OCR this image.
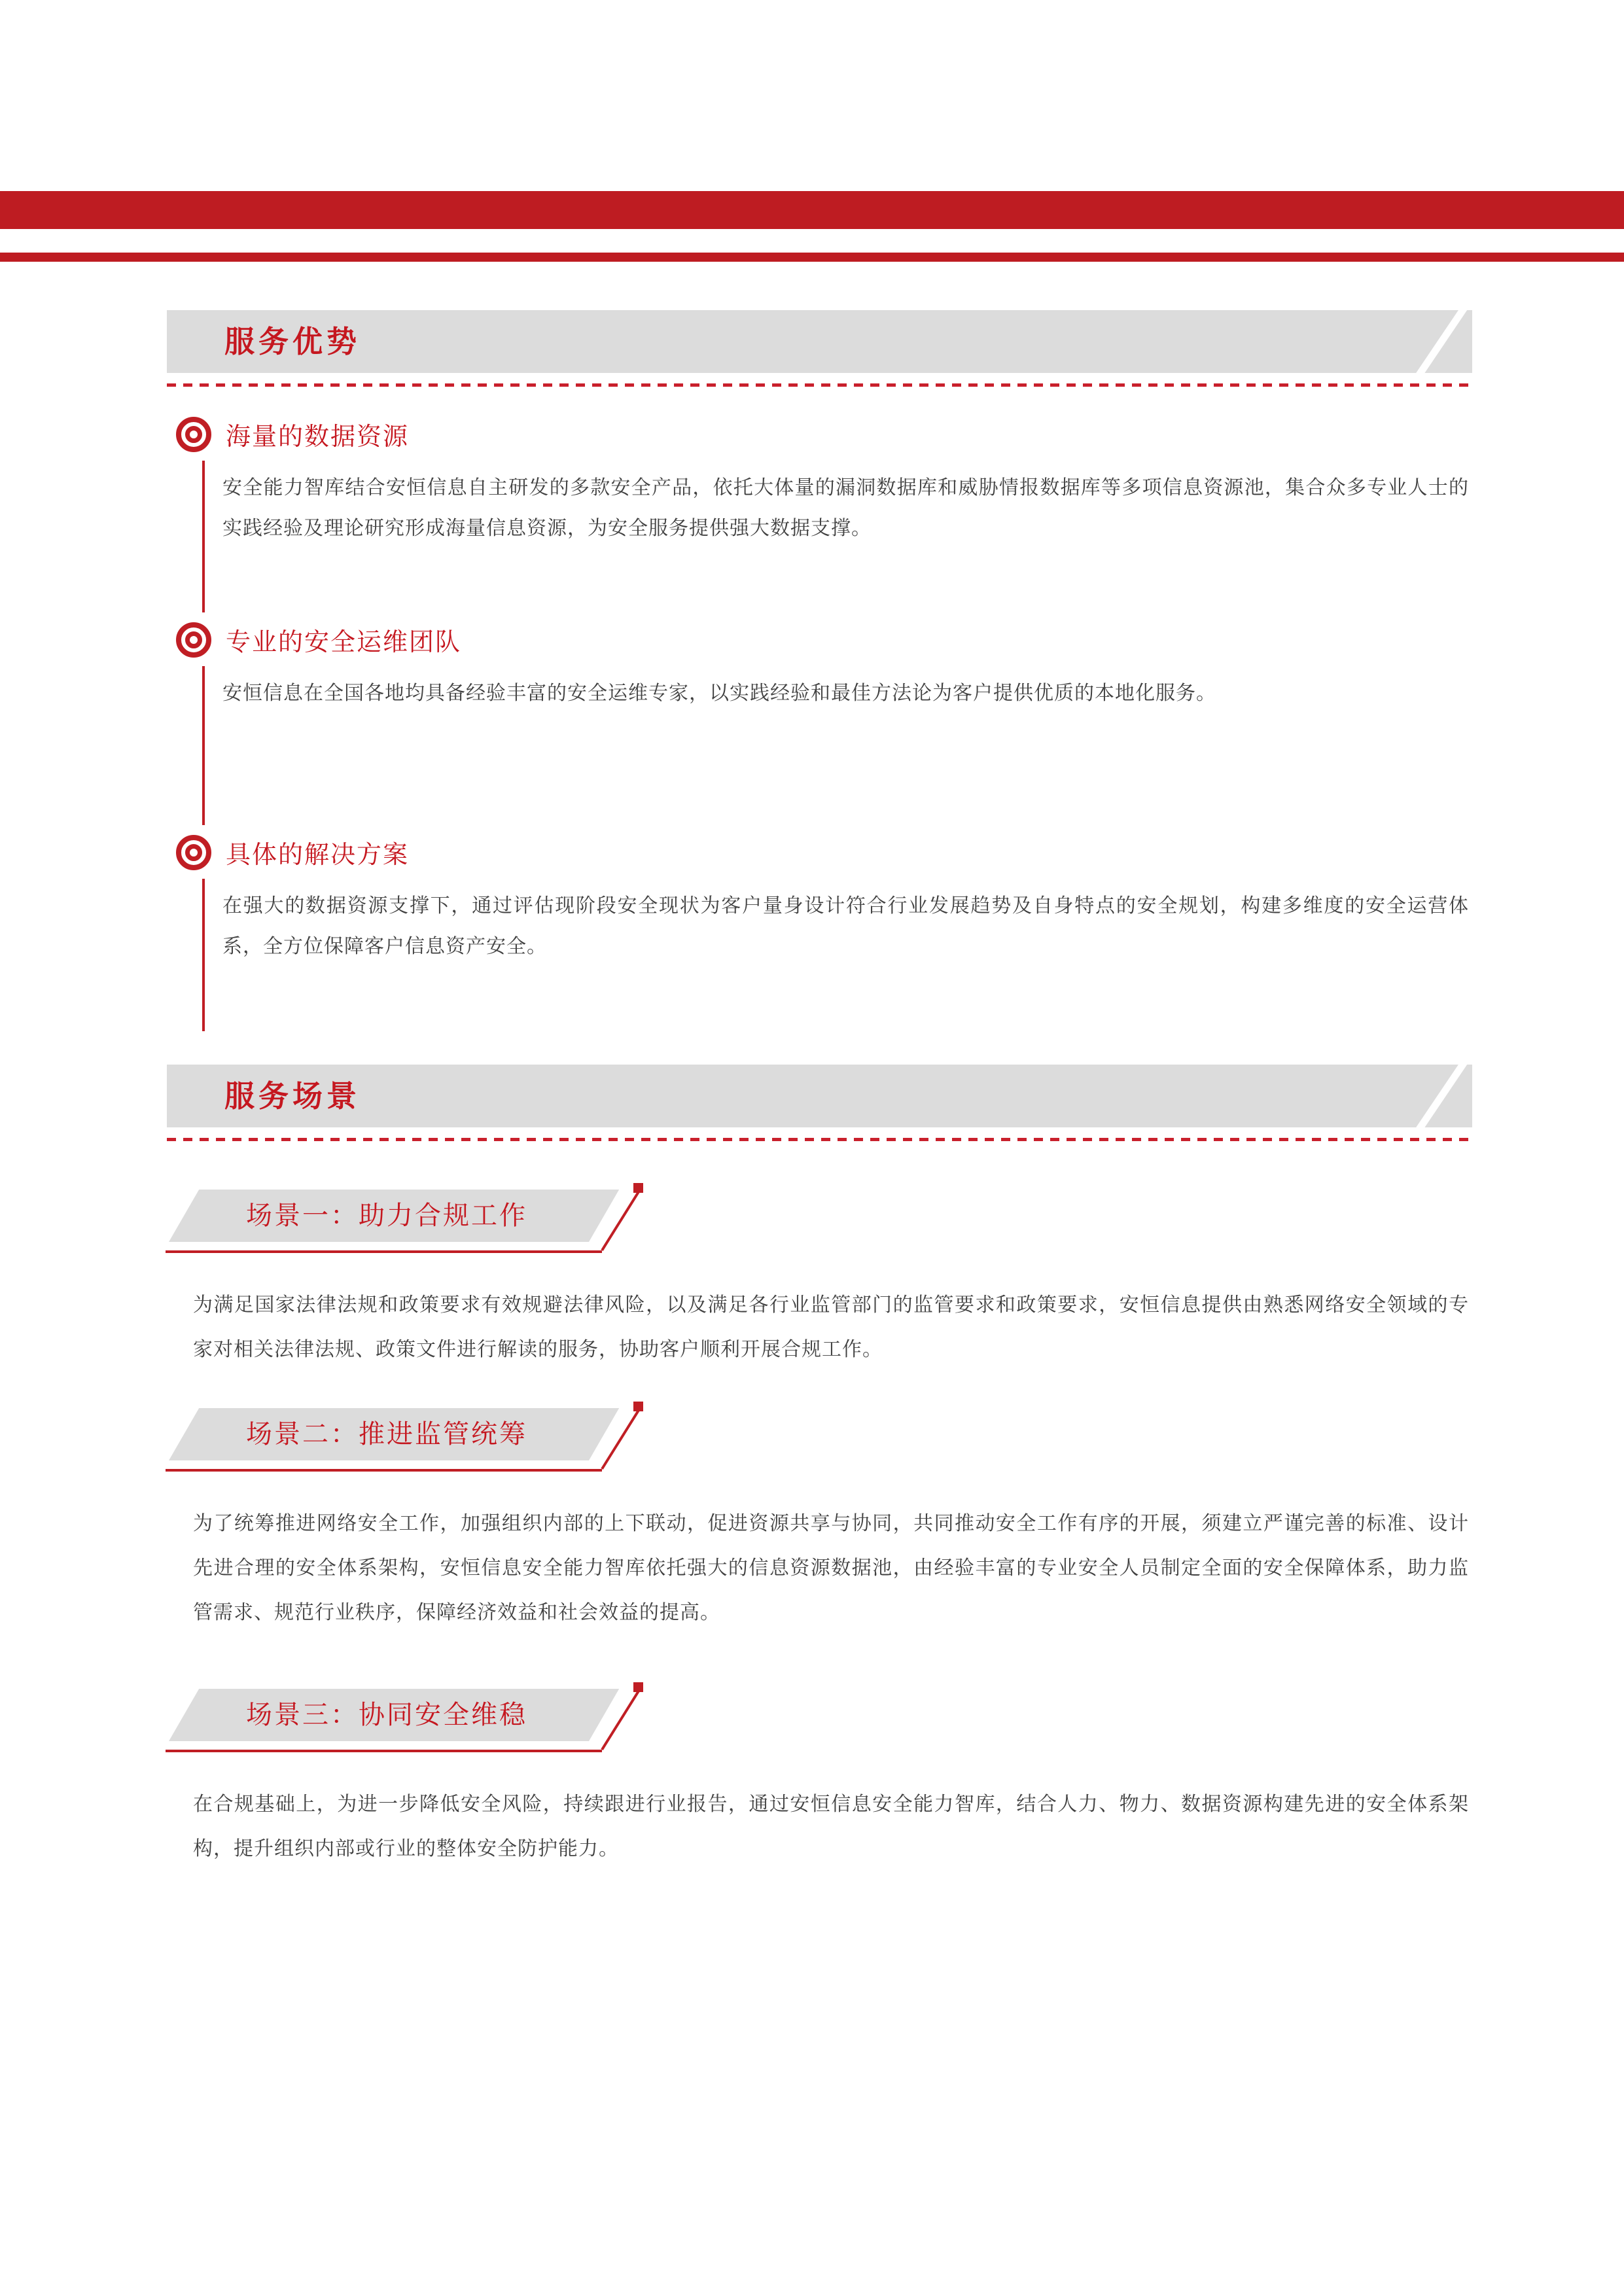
服务优势
海量的数据资源
安全能力智库结合安恒信息自主研发的多款安全产品，依托大体量的漏洞数据库和威胁情报数据库等多项信息资源池，集合众多专业人士的实践经验及理论研究形成海量信息资源，为安全服务提供强大数据支撑。
专业的安全运维团队
安恒信息在全国各地均具备经验丰富的安全运维专家，以实践经验和最佳方法论为客户提供优质的本地化服务。
具体的解决方案
在强大的数据资源支撑下，通过评估现阶段安全现状为客户量身设计符合行业发展趋势及自身特点的安全规划，构建多维度的安全运营体系，全方位保障客户信息资产安全。
服务场景
场景一：助力合规工作
为满足国家法律法规和政策要求有效规避法律风险，以及满足各行业监管部门的监管要求和政策要求，安恒信息提供由熟悉网络安全领域的专家对相关法律法规、政策文件进行解读的服务，协助客户顺利开展合规工作。
场景二：推进监管统筹
为了统筹推进网络安全工作，加强组织内部的上下联动，促进资源共享与协同，共同推动安全工作有序的开展，须建立严谨完善的标准、设计先进合理的安全体系架构，安恒信息安全能力智库依托强大的信息资源数据池，由经验丰富的专业安全人员制定全面的安全保障体系，助力监管需求、规范行业秩序，保障经济效益和社会效益的提高。
场景三：协同安全维稳
在合规基础上，为进一步降低安全风险，持续跟进行业报告，通过安恒信息安全能力智库，结合人力、物力、数据资源构建先进的安全体系架构，提升组织内部或行业的整体安全防护能力。
